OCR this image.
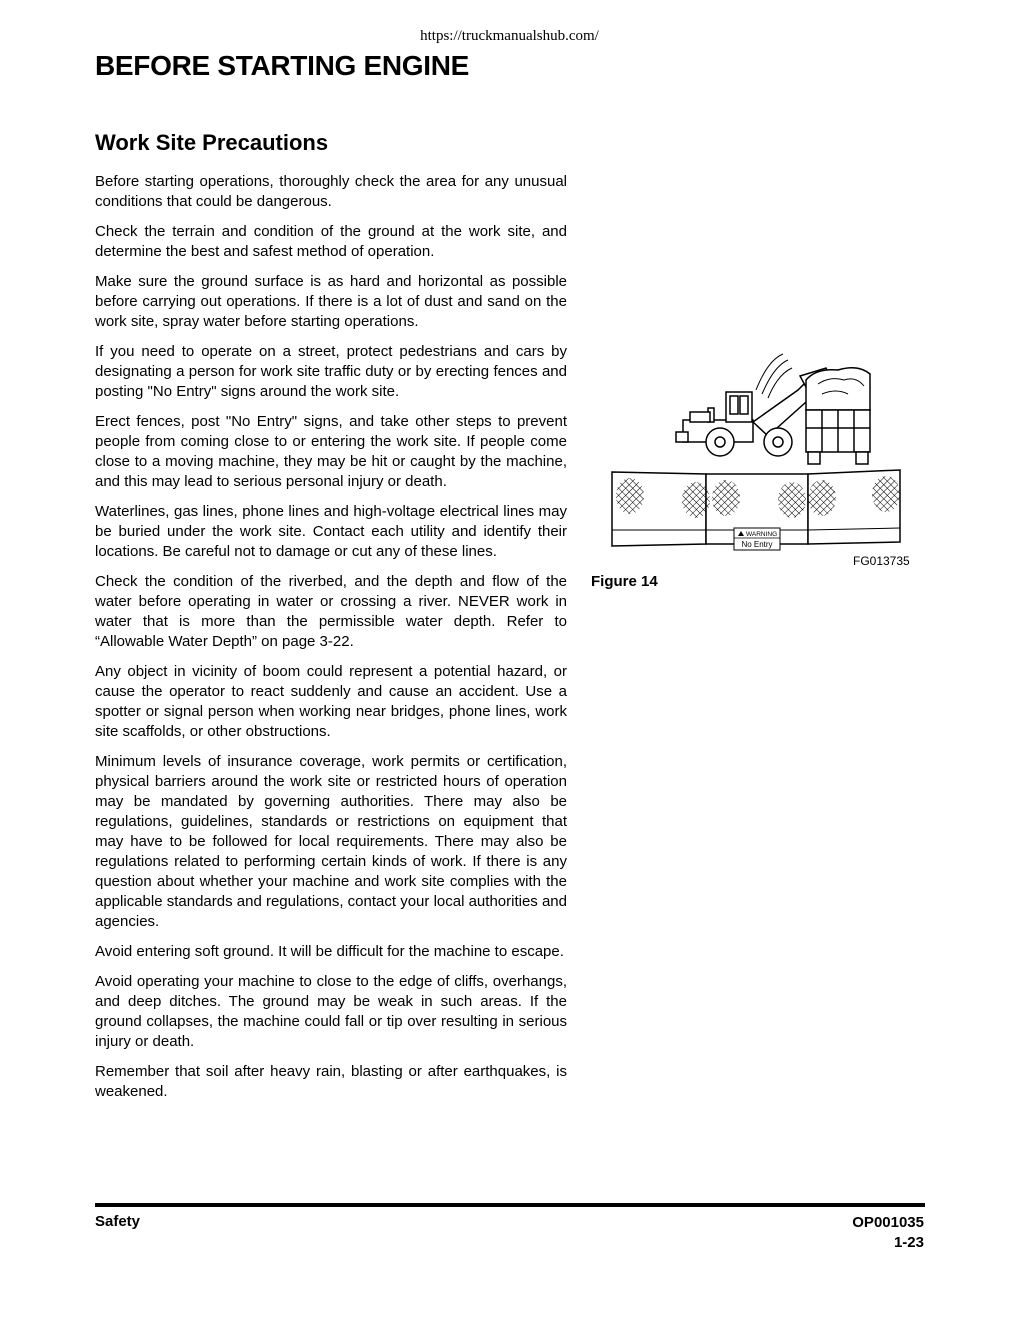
https://truckmanualshub.com/
BEFORE STARTING ENGINE
Work Site Precautions

Before starting operations, thoroughly check the area for any unusual conditions that could be dangerous.

Check the terrain and condition of the ground at the work site, and determine the best and safest method of operation.

Make sure the ground surface is as hard and horizontal as possible before carrying out operations. If there is a lot of dust and sand on the work site, spray water before starting operations.

If you need to operate on a street, protect pedestrians and cars by designating a person for work site traffic duty or by erecting fences and posting "No Entry" signs around the work site.

Erect fences, post "No Entry" signs, and take other steps to prevent people from coming close to or entering the work site. If people come close to a moving machine, they may be hit or caught by the machine, and this may lead to serious personal injury or death.

Waterlines, gas lines, phone lines and high-voltage electrical lines may be buried under the work site. Contact each utility and identify their locations. Be careful not to damage or cut any of these lines.

Check the condition of the riverbed, and the depth and flow of the water before operating in water or crossing a river. NEVER work in water that is more than the permissible water depth. Refer to “Allowable Water Depth” on page 3-22.

Any object in vicinity of boom could represent a potential hazard, or cause the operator to react suddenly and cause an accident. Use a spotter or signal person when working near bridges, phone lines, work site scaffolds, or other obstructions.

Minimum levels of insurance coverage, work permits or certification, physical barriers around the work site or restricted hours of operation may be mandated by governing authorities. There may also be regulations, guidelines, standards or restrictions on equipment that may have to be followed for local requirements. There may also be regulations related to performing certain kinds of work. If there is any question about whether your machine and work site complies with the applicable standards and regulations, contact your local authorities and agencies.

Avoid entering soft ground. It will be difficult for the machine to escape.

Avoid operating your machine to close to the edge of cliffs, overhangs, and deep ditches. The ground may be weak in such areas. If the ground collapses, the machine could fall or tip over resulting in serious injury or death.

Remember that soil after heavy rain, blasting or after earthquakes, is weakened.

WARNING
No Entry
FG013735
Figure 14
Safety	OP001035
1-23
